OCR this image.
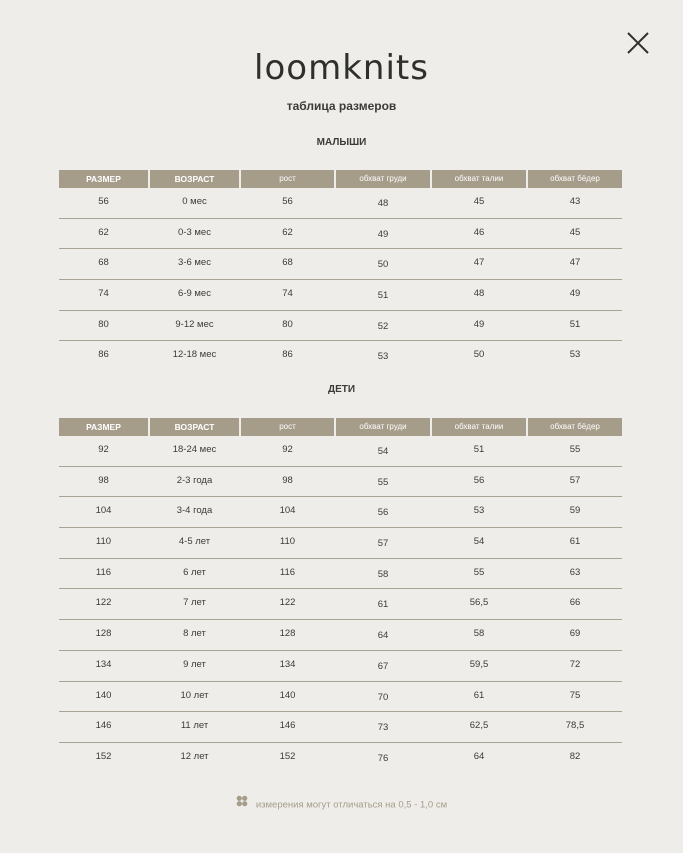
loomknits
таблица размеров
МАЛЫШИ
РАЗМЕР	ВОЗРАСТ	рост	обхват груди	обхват талии	обхват бёдер
56	0 мес	56	48	45	43
62	0-3 мес	62	49	46	45
68	3-6 мес	68	50	47	47
74	6-9 мес	74	51	48	49
80	9-12 мес	80	52	49	51
86	12-18 мес	86	53	50	53
ДЕТИ
РАЗМЕР	ВОЗРАСТ	рост	обхват груди	обхват талии	обхват бёдер
92	18-24 мес	92	54	51	55
98	2-3 года	98	55	56	57
104	3-4 года	104	56	53	59
110	4-5 лет	110	57	54	61
116	6 лет	116	58	55	63
122	7 лет	122	61	56,5	66
128	8 лет	128	64	58	69
134	9 лет	134	67	59,5	72
140	10 лет	140	70	61	75
146	11 лет	146	73	62,5	78,5
152	12 лет	152	76	64	82
измерения могут отличаться на 0,5 - 1,0 см
